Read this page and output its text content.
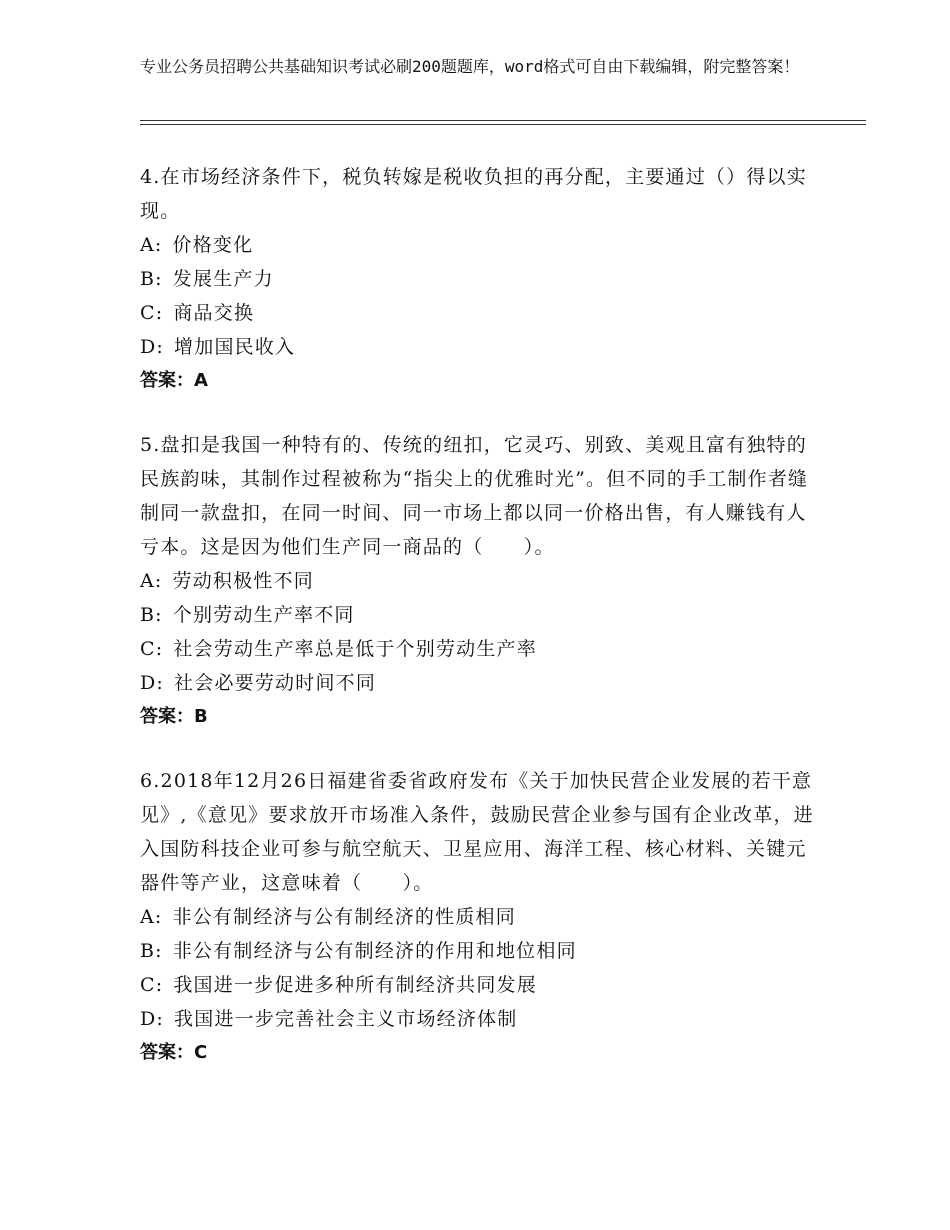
专业公务员招聘公共基础知识考试必刷200题题库，word格式可自由下载编辑，附完整答案！

4.在市场经济条件下，税负转嫁是税收负担的再分配，主要通过（）得以实现。

A: 价格变化

B: 发展生产力

C: 商品交换

D: 增加国民收入

答案：A

5.盘扣是我国一种特有的、传统的纽扣，它灵巧、别致、美观且富有独特的民族韵味，其制作过程被称为“指尖上的优雅时光”。但不同的手工制作者缝制同一款盘扣，在同一时间、同一市场上都以同一价格出售，有人赚钱有人亏本。这是因为他们生产同一商品的（　　）。

A: 劳动积极性不同

B: 个别劳动生产率不同

C: 社会劳动生产率总是低于个别劳动生产率

D: 社会必要劳动时间不同

答案：B

6.2018年12月26日福建省委省政府发布《关于加快民营企业发展的若干意见》,《意见》要求放开市场准入条件，鼓励民营企业参与国有企业改革，进入国防科技企业可参与航空航天、卫星应用、海洋工程、核心材料、关键元器件等产业，这意味着（　　）。

A: 非公有制经济与公有制经济的性质相同

B: 非公有制经济与公有制经济的作用和地位相同

C: 我国进一步促进多种所有制经济共同发展

D: 我国进一步完善社会主义市场经济体制

答案：C
